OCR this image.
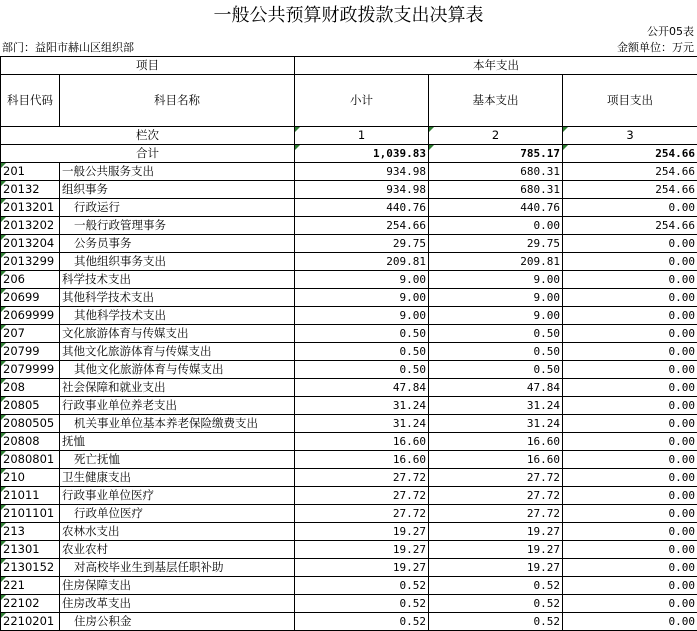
一般公共预算财政拨款支出决算表
公开05表
部门：益阳市赫山区组织部	金额单位：万元
项目		本年支出		
科目代码	科目名称	小计	基本支出	项目支出
栏次		1	2	3
合计		1,039.83	785.17	254.66

201	一般公共服务支出	934.98	680.31	254.66

20132	组织事务	934.98	680.31	254.66

2013201	行政运行	440.76	440.76	0.00

2013202	一般行政管理事务	254.66	0.00	254.66

2013204	公务员事务	29.75	29.75	0.00

2013299	其他组织事务支出	209.81	209.81	0.00

206	科学技术支出	9.00	9.00	0.00

20699	其他科学技术支出	9.00	9.00	0.00

2069999	其他科学技术支出	9.00	9.00	0.00

207	文化旅游体育与传媒支出	0.50	0.50	0.00

20799	其他文化旅游体育与传媒支出	0.50	0.50	0.00

2079999	其他文化旅游体育与传媒支出	0.50	0.50	0.00

208	社会保障和就业支出	47.84	47.84	0.00

20805	行政事业单位养老支出	31.24	31.24	0.00

2080505	机关事业单位基本养老保险缴费支出	31.24	31.24	0.00

20808	抚恤	16.60	16.60	0.00

2080801	死亡抚恤	16.60	16.60	0.00

210	卫生健康支出	27.72	27.72	0.00

21011	行政事业单位医疗	27.72	27.72	0.00

2101101	行政单位医疗	27.72	27.72	0.00

213	农林水支出	19.27	19.27	0.00

21301	农业农村	19.27	19.27	0.00

2130152	对高校毕业生到基层任职补助	19.27	19.27	0.00

221	住房保障支出	0.52	0.52	0.00

22102	住房改革支出	0.52	0.52	0.00

2210201	住房公积金	0.52	0.52	0.00
